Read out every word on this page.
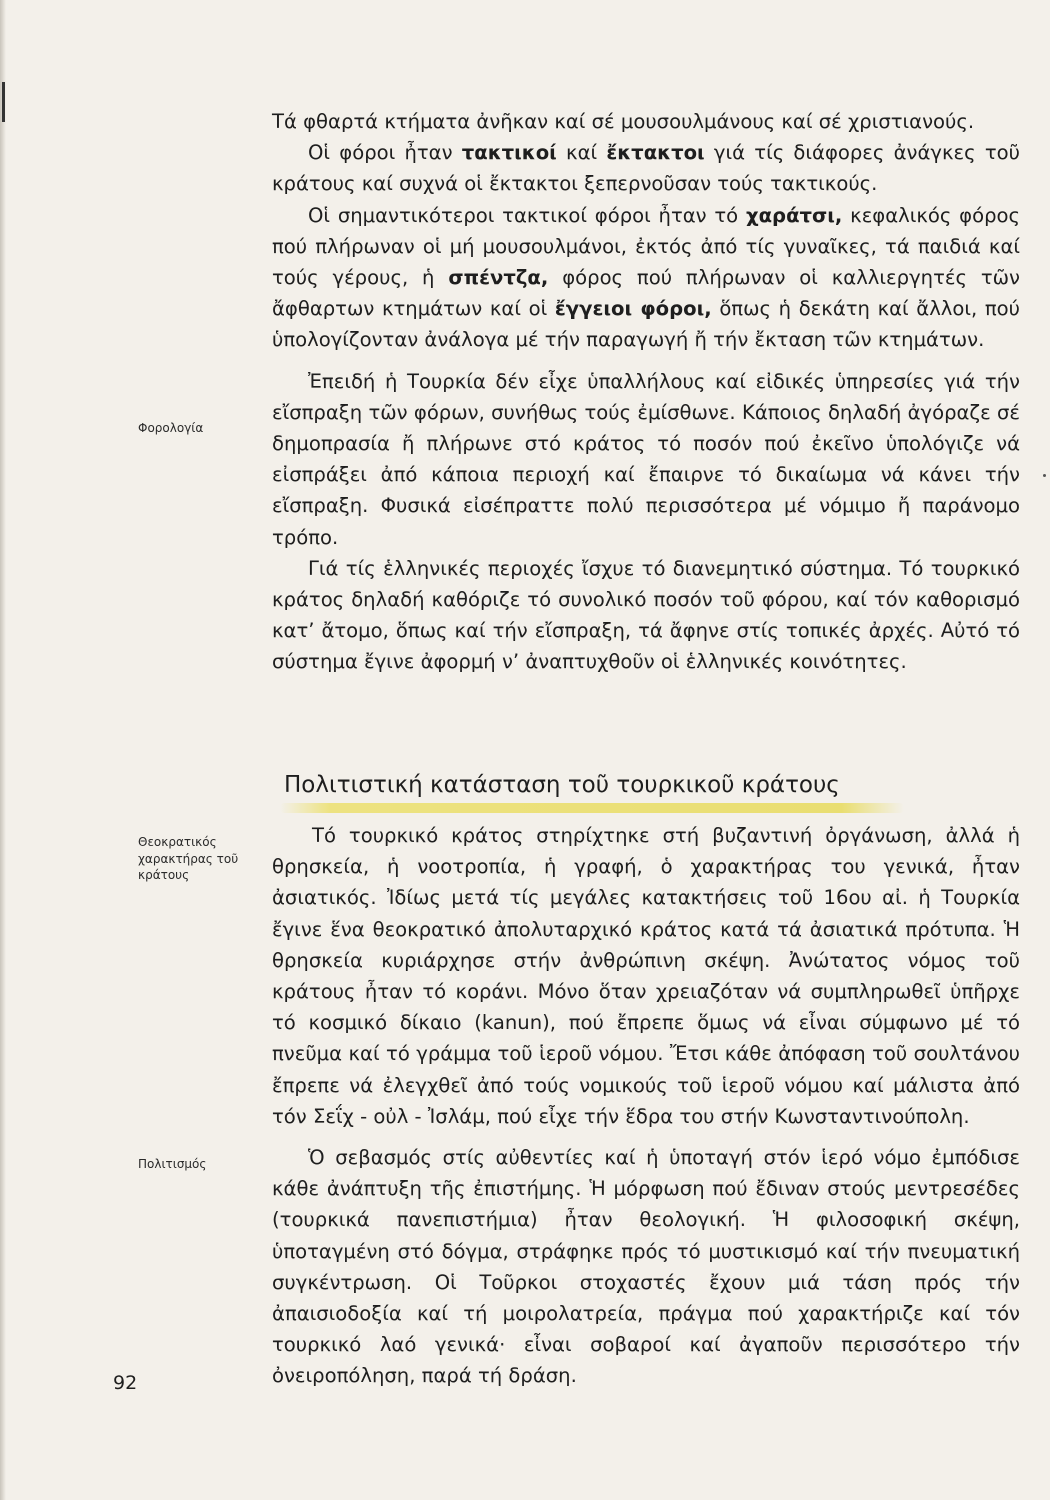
Τά φθαρτά κτήματα ἀνῆκαν καί σέ μουσουλμάνους καί σέ χριστιανούς.

Οἱ φόροι ἦταν τακτικοί καί ἔκτακτοι γιά τίς διάφορες ἀνάγκες τοῦ κράτους καί συχνά οἱ ἔκτακτοι ξεπερνοῦσαν τούς τακτικούς.

Οἱ σημαντικότεροι τακτικοί φόροι ἦταν τό χαράτσι, κεφαλικός φόρος πού πλήρωναν οἱ μή μουσουλμάνοι, ἐκτός ἀπό τίς γυναῖκες, τά παιδιά καί τούς γέρους, ἡ σπέντζα, φόρος πού πλήρωναν οἱ καλλιεργητές τῶν ἄφθαρτων κτημάτων καί οἱ ἔγγειοι φόροι, ὅπως ἡ δεκάτη καί ἄλλοι, πού ὑπολογίζονταν ἀνάλογα μέ τήν παραγωγή ἤ τήν ἔκταση τῶν κτημάτων.

Ἐπειδή ἡ Τουρκία δέν εἶχε ὑπαλλήλους καί εἰδικές ὑπηρεσίες γιά τήν εἴσπραξη τῶν φόρων, συνήθως τούς ἐμίσθωνε. Κάποιος δηλαδή ἀγόραζε σέ δημοπρασία ἤ πλήρωνε στό κράτος τό ποσόν πού ἐκεῖνο ὑπολόγιζε νά εἰσπράξει ἀπό κάποια περιοχή καί ἔπαιρνε τό δικαίωμα νά κάνει τήν εἴσπραξη. Φυσικά εἰσέπραττε πολύ περισσότερα μέ νόμιμο ἤ παράνομο τρόπο.

Γιά τίς ἑλληνικές περιοχές ἴσχυε τό διανεμητικό σύστημα. Τό τουρκικό κράτος δηλαδή καθόριζε τό συνολικό ποσόν τοῦ φόρου, καί τόν καθορισμό κατ’ ἄτομο, ὅπως καί τήν εἴσπραξη, τά ἄφηνε στίς τοπικές ἀρχές. Αὐτό τό σύστημα ἔγινε ἀφορμή ν’ ἀναπτυχθοῦν οἱ ἑλληνικές κοινότητες.

Φορολογία
Πολιτιστική κατάσταση τοῦ τουρκικοῦ κράτους
Θεοκρατικός
χαρακτήρας τοῦ
κράτους

Τό τουρκικό κράτος στηρίχτηκε στή βυζαντινή ὀργάνωση, ἀλλά ἡ θρησκεία, ἡ νοοτροπία, ἡ γραφή, ὁ χαρακτήρας του γενικά, ἦταν ἀσιατικός. Ἰδίως μετά τίς μεγάλες κατακτήσεις τοῦ 16ου αἰ. ἡ Τουρκία ἔγινε ἕνα θεοκρατικό ἀπολυταρχικό κράτος κατά τά ἀσιατικά πρότυπα. Ἡ θρησκεία κυριάρχησε στήν ἀνθρώπινη σκέψη. Ἀνώτατος νόμος τοῦ κράτους ἦταν τό κοράνι. Μόνο ὅταν χρειαζόταν νά συμπληρωθεῖ ὑπῆρχε τό κοσμικό δίκαιο (kanun), πού ἔπρεπε ὅμως νά εἶναι σύμφωνο μέ τό πνεῦμα καί τό γράμμα τοῦ ἱεροῦ νόμου. Ἔτσι κάθε ἀπόφαση τοῦ σουλτάνου ἔπρεπε νά ἐλεγχθεῖ ἀπό τούς νομικούς τοῦ ἱεροῦ νόμου καί μάλιστα ἀπό τόν Σεΐχ - οὐλ - Ἰσλάμ, πού εἶχε τήν ἕδρα του στήν Κωνσταντινούπολη.

Ὁ σεβασμός στίς αὐθεντίες καί ἡ ὑποταγή στόν ἱερό νόμο ἐμπόδισε κάθε ἀνάπτυξη τῆς ἐπιστήμης. Ἡ μόρφωση πού ἔδιναν στούς μεντρεσέδες (τουρκικά πανεπιστήμια) ἦταν θεολογική. Ἡ φιλοσοφική σκέψη, ὑποταγμένη στό δόγμα, στράφηκε πρός τό μυστικισμό καί τήν πνευματική συγκέντρωση. Οἱ Τοῦρκοι στοχαστές ἔχουν μιά τάση πρός τήν ἀπαισιοδοξία καί τή μοιρολατρεία, πράγμα πού χαρακτήριζε καί τόν τουρκικό λαό γενικά· εἶναι σοβαροί καί ἀγαποῦν περισσότερο τήν ὀνειροπόληση, παρά τή δράση.

Πολιτισμός
92
